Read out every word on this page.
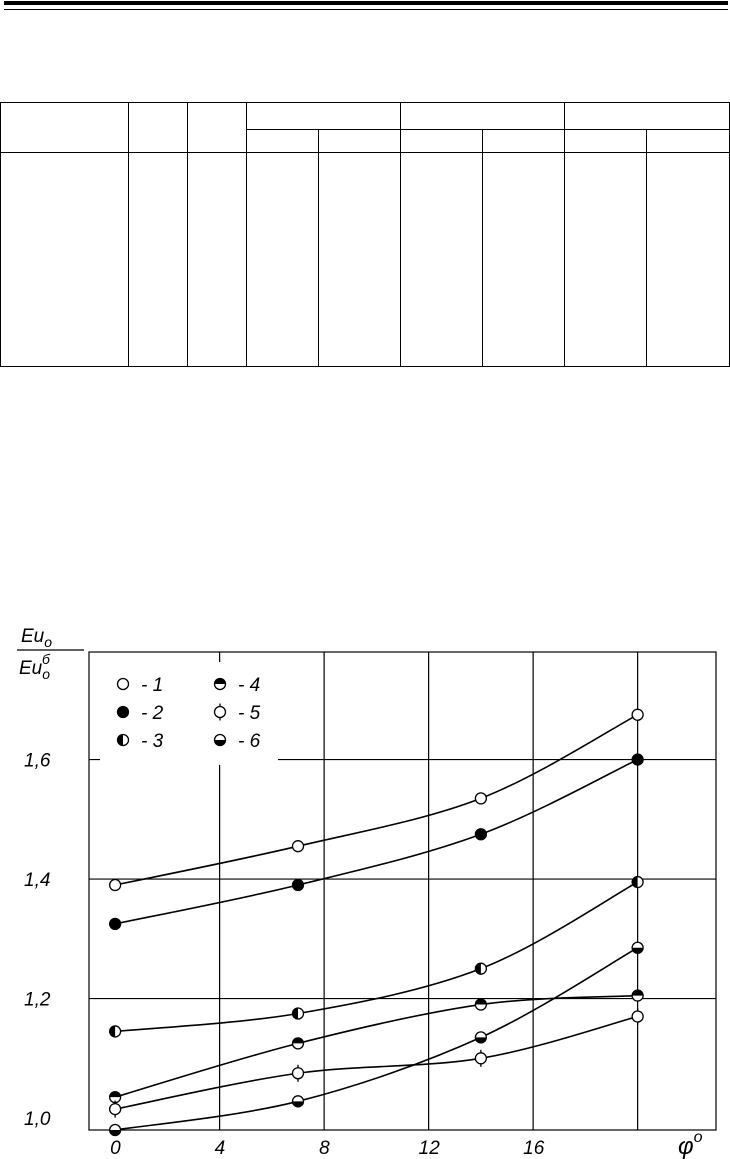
0	4	8	12	16
1,0
1,2
1,4
1,6
- 1
- 2
- 3
- 4
- 5
- 6
$Eu_o$
$Eu_oб$
$\varphi^o$
